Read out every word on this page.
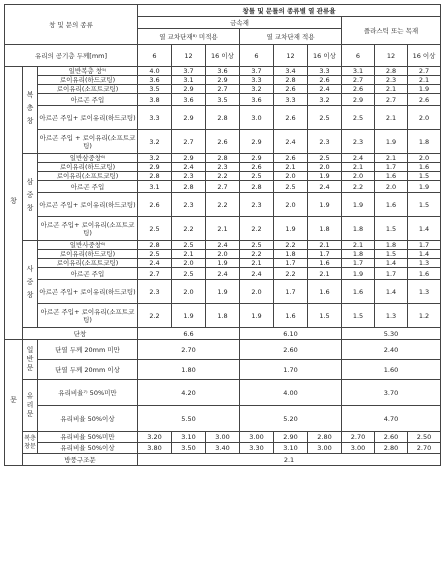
창 및 문의 종류			창틀 및 문틀의 종류별 열 관류율								
			금속재						플라스틱 또는 목재		
			열 교차단재⁸⁾ 미적용			열 교차단재 적용					
유리의 공기층 두께[mm]			6	12	16 이상	6	12	16 이상	6	12	16 이상
창	복층창	일반복층 창⁵⁾	4.0	3.7	3.6	3.7	3.4	3.3	3.1	2.8	2.7
		로이유리(하드코팅)	3.6	3.1	2.9	3.3	2.8	2.6	2.7	2.3	2.1
		로이유리(소프트코팅)	3.5	2.9	2.7	3.2	2.6	2.4	2.6	2.1	1.9
		아르곤 주입	3.8	3.6	3.5	3.6	3.3	3.2	2.9	2.7	2.6
		아르곤 주입+ 로이유리(하드코팅)	3.3	2.9	2.8	3.0	2.6	2.5	2.5	2.1	2.0
		아르곤 주입 + 로이유리(소프트코팅)	3.2	2.7	2.6	2.9	2.4	2.3	2.3	1.9	1.8
	삼중창	일반삼중창⁶⁾	3.2	2.9	2.8	2.9	2.6	2.5	2.4	2.1	2.0
		로이유리(하드코팅)	2.9	2.4	2.3	2.6	2.1	2.0	2.1	1.7	1.6
		로이유리(소프트코팅)	2.8	2.3	2.2	2.5	2.0	1.9	2.0	1.6	1.5
		아르곤 주입	3.1	2.8	2.7	2.8	2.5	2.4	2.2	2.0	1.9
		아르곤 주입+ 로이유리(하드코팅)	2.6	2.3	2.2	2.3	2.0	1.9	1.9	1.6	1.5
		아르곤 주입+ 로이유리(소프트코팅)	2.5	2.2	2.1	2.2	1.9	1.8	1.8	1.5	1.4
	사중창	일반사중창⁶⁾	2.8	2.5	2.4	2.5	2.2	2.1	2.1	1.8	1.7
		로이유리(하드코팅)	2.5	2.1	2.0	2.2	1.8	1.7	1.8	1.5	1.4
		로이유리(소프트코팅)	2.4	2.0	1.9	2.1	1.7	1.6	1.7	1.4	1.3
		아르곤 주입	2.7	2.5	2.4	2.4	2.2	2.1	1.9	1.7	1.6
		아르곤 주입+ 로이유리(하드코팅)	2.3	2.0	1.9	2.0	1.7	1.6	1.6	1.4	1.3
		아르곤 주입+ 로이유리(소프트코팅)	2.2	1.9	1.8	1.9	1.6	1.5	1.5	1.3	1.2
	단창		6.6			6.10			5.30		
문	일반문	단열 두께 20mm 미만	2.70			2.60			2.40		
		단열 두께 20mm 이상	1.80			1.70			1.60		
	유리문	유리비율⁷⁾ 50%미만	4.20			4.00			3.70		
		유리비율 50%이상	5.50			5.20			4.70		
	복층창문	유리비율 50%미만	3.20	3.10	3.00	3.00	2.90	2.80	2.70	2.60	2.50
		유리비율 50%이상	3.80	3.50	3.40	3.30	3.10	3.00	3.00	2.80	2.70
	방풍구조문		2.1								
